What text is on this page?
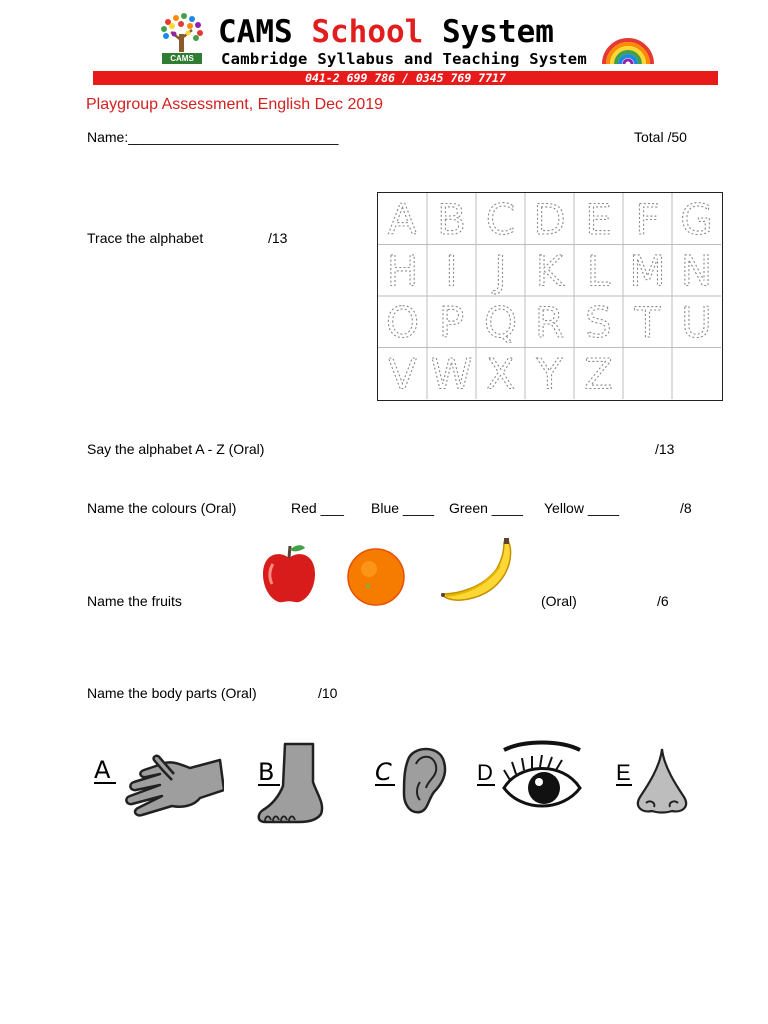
CAMS
CAMS School System
Cambridge Syllabus and Teaching System
041-2 699 786 / 0345 769 7717
Playgroup Assessment, English Dec 2019
Name:___________________________	Total /50
Trace the alphabet	/13 A B C D E F G
H I J K L M N
O P Q R S T U
V W X Y Z
Say the alphabet A - Z (Oral)	/13
Name the colours (Oral)	Red ___ Blue ____ Green ____ Yellow ____	/8
Name the fruits	(Oral)	/6
Name the body parts (Oral)	/10
A	B	C	D	E
